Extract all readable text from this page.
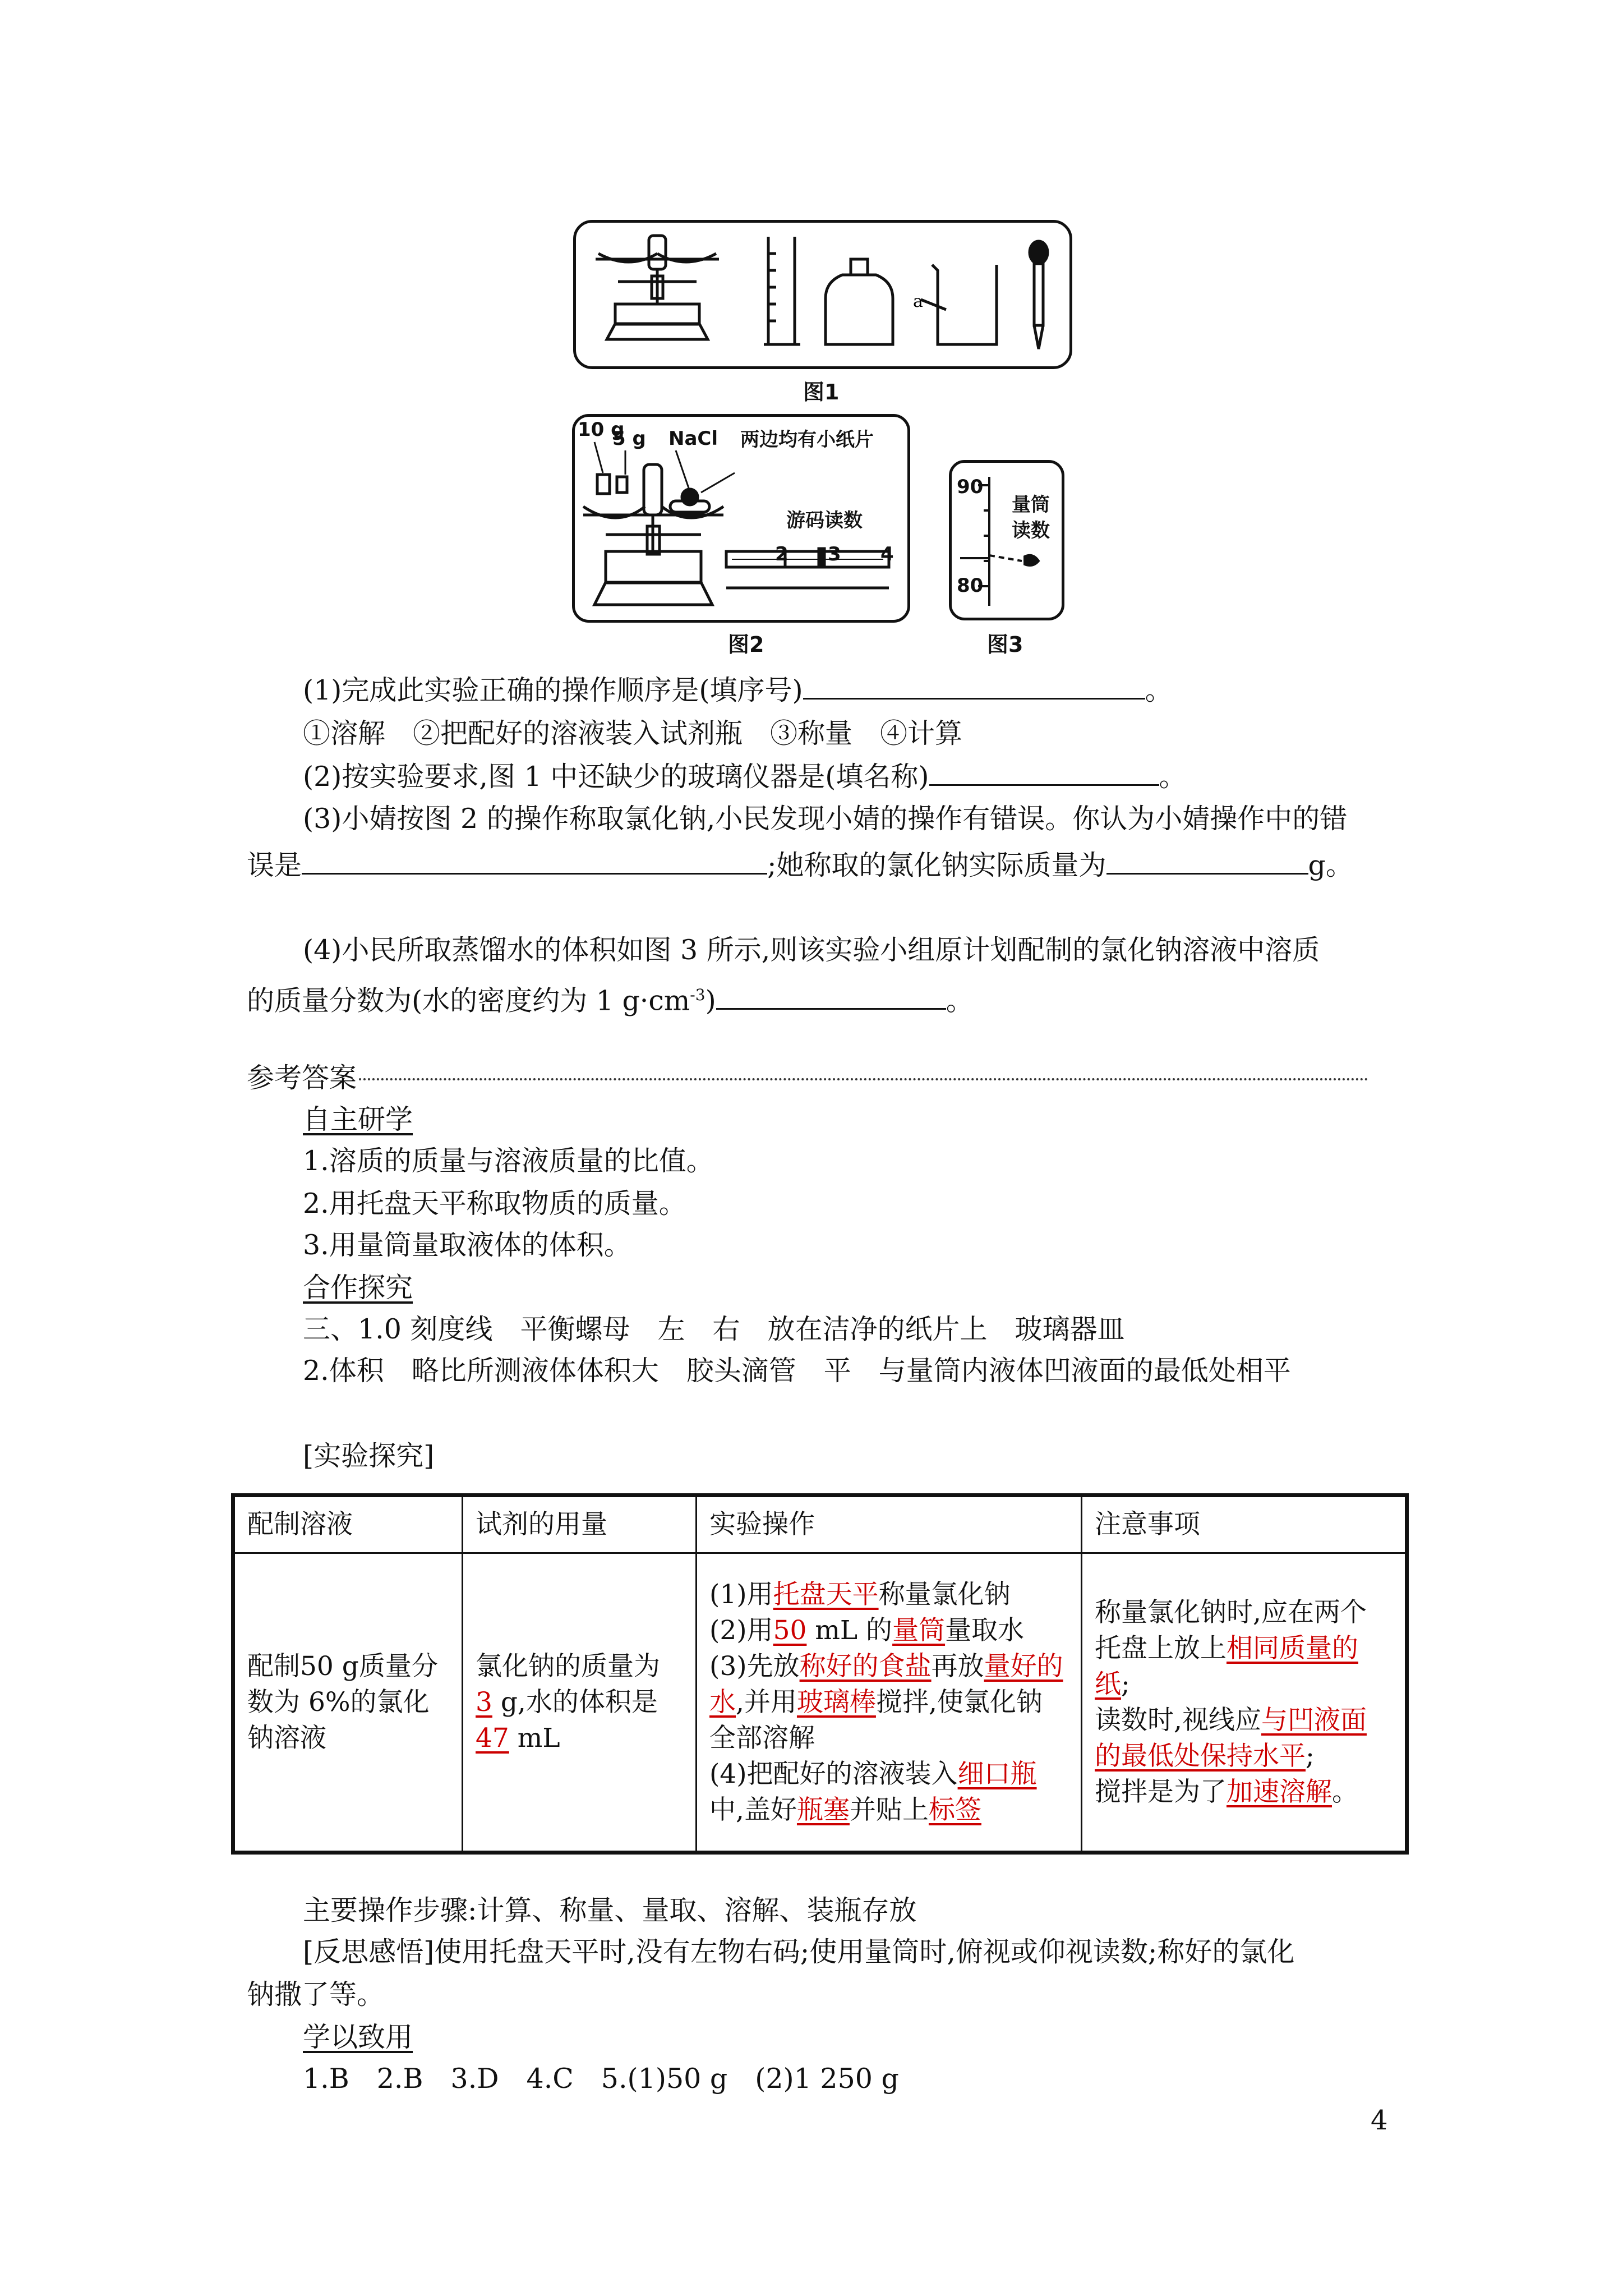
a
图1
10 g
5 g NaCl 两边均有小纸片
游码读数
2 3 4
图2
90
80
量筒
读数
图3
(1)完成此实验正确的操作顺序是(填序号)	。
①溶解　②把配好的溶液装入试剂瓶　③称量　④计算
(2)按实验要求,图 1 中还缺少的玻璃仪器是(填名称)	。
(3)小婧按图 2 的操作称取氯化钠,小民发现小婧的操作有错误。你认为小婧操作中的错
误是	;她称取的氯化钠实际质量为	g。
(4)小民所取蒸馏水的体积如图 3 所示,则该实验小组原计划配制的氯化钠溶液中溶质
的质量分数为(水的密度约为 1 $g\cdot cm^{-3}$)	。
参考答案
自主研学
1.溶质的质量与溶液质量的比值。
2.用托盘天平称取物质的质量。
3.用量筒量取液体的体积。
合作探究
三、1.0 刻度线　平衡螺母　左　右　放在洁净的纸片上　玻璃器皿
2.体积　略比所测液体体积大　胶头滴管　平　与量筒内液体凹液面的最低处相平
[实验探究]
配制溶液	试剂的用量	实验操作	注意事项
配制50 g质量分数为 6%的氯化钠溶液	氯化钠的质量为
3 g,水的体积是
47 mL	(1)用托盘天平称量氯化钠
(2)用50 mL 的量筒量取水
(3)先放称好的食盐再放量好的水,并用玻璃棒搅拌,使氯化钠全部溶解
(4)把配好的溶液装入细口瓶中,盖好瓶塞并贴上标签	称量氯化钠时,应在两个托盘上放上相同质量的纸;
读数时,视线应与凹液面的最低处保持水平;
搅拌是为了加速溶解。
主要操作步骤:计算、称量、量取、溶解、装瓶存放
[反思感悟]使用托盘天平时,没有左物右码;使用量筒时,俯视或仰视读数;称好的氯化
钠撒了等。
学以致用
1.B　2.B　3.D　4.C　5.(1)50 g　(2)1 250 g
4
